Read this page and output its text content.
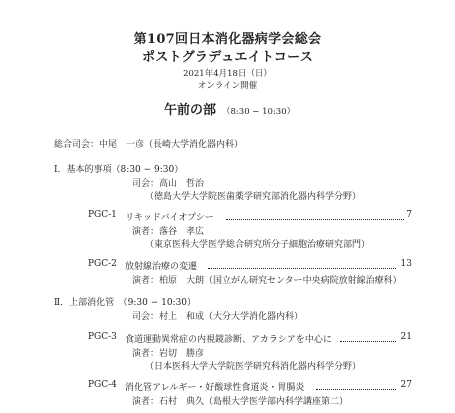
第107回日本消化器病学会総会
ポストグラデュエイトコース
2021年4月18日（日）
オンライン開催
午前の部 （8:30 − 10:30）
総合司会：中尾　一彦（長崎大学消化器内科）
Ⅰ．基本的事項（8:30 − 9:30）
司会：高山　哲治
（徳島大学大学院医歯薬学研究部消化器内科学分野）
PGC-1 リキッドバイオプシー	7
演者：落谷　孝広
（東京医科大学医学総合研究所分子細胞治療研究部門）
PGC-2 放射線治療の変遷	13
演者：柏原　大朗（国立がん研究センター中央病院放射線治療科）
Ⅱ．上部消化管　（9:30 − 10:30）
司会：村上　和成（大分大学消化器内科）
PGC-3 食道運動異常症の内視鏡診断、アカラシアを中心に	21
演者：岩切　勝彦
（日本医科大学大学院医学研究科消化器内科学分野）
PGC-4 消化管アレルギー・好酸球性食道炎・胃腸炎	27
演者：石村　典久（島根大学医学部内科学講座第二）
